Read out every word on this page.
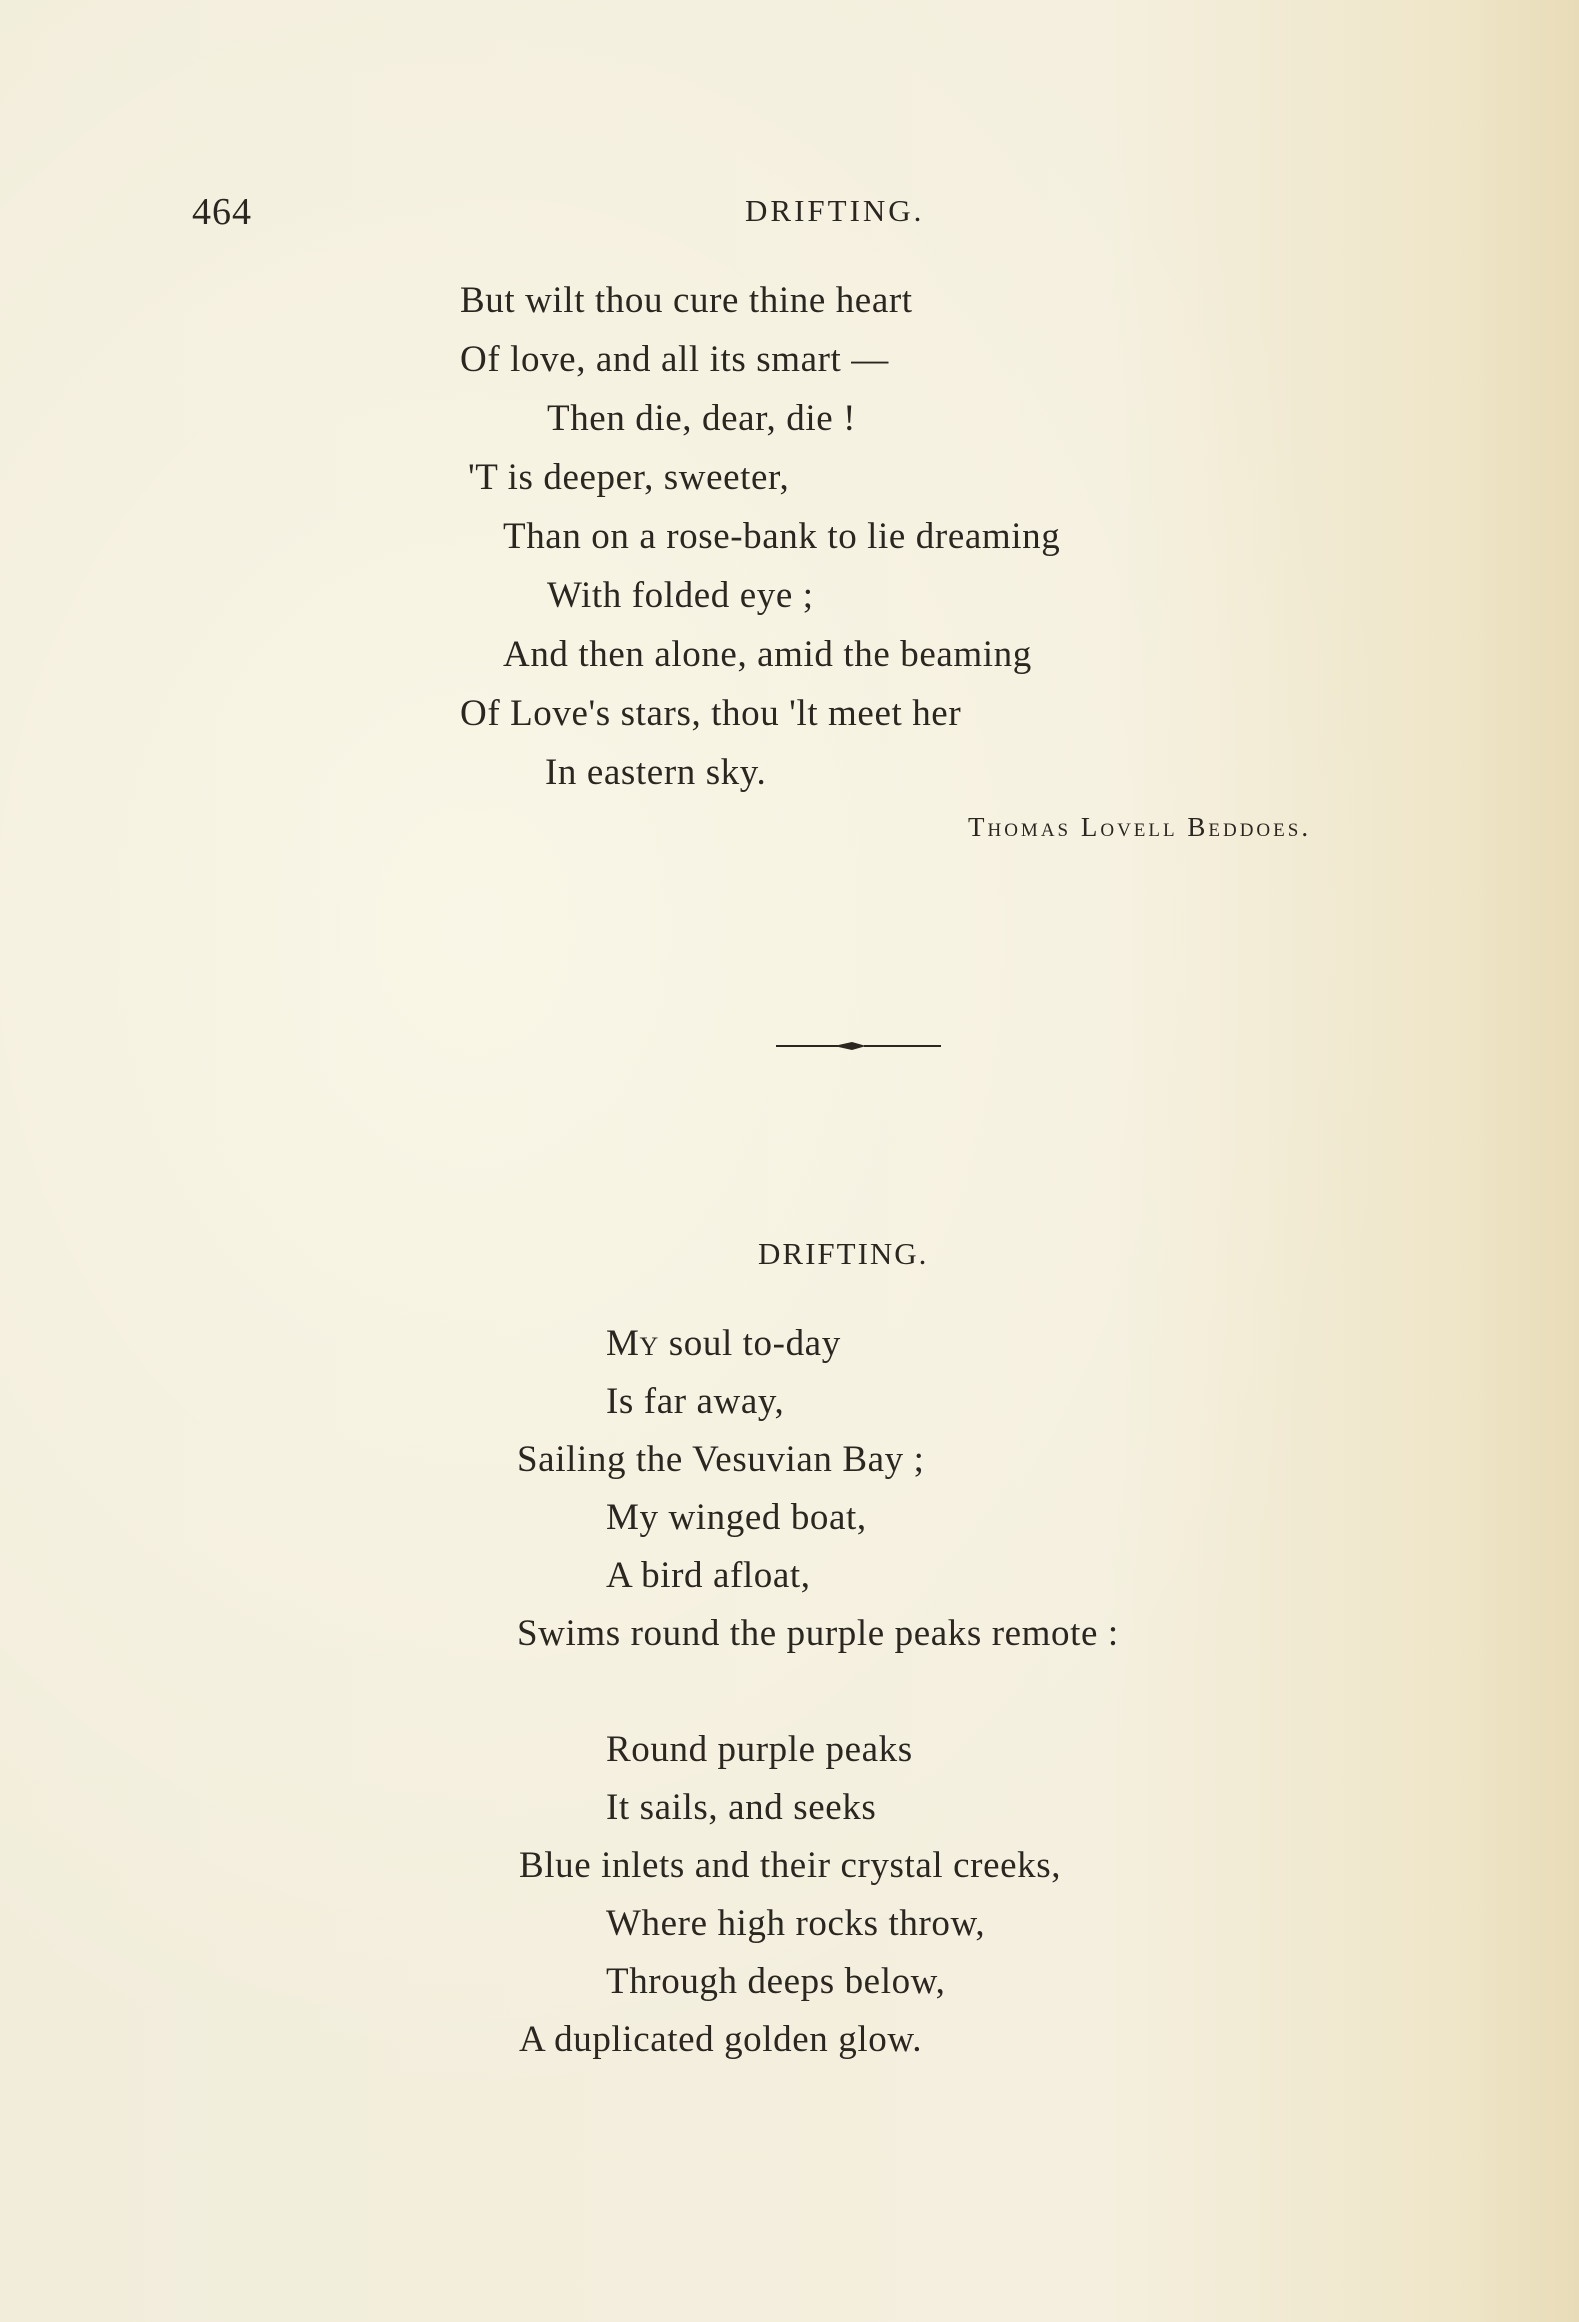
464	DRIFTING.
But wilt thou cure thine heart
Of love, and all its smart —
Then die, dear, die !
'T is deeper, sweeter,
Than on a rose-bank to lie dreaming
With folded eye ;
And then alone, amid the beaming
Of Love's stars, thou 'lt meet her
In eastern sky.
Thomas Lovell Beddoes.
DRIFTING.
My soul to-day
Is far away,
Sailing the Vesuvian Bay ;
My winged boat,
A bird afloat,
Swims round the purple peaks remote :
Round purple peaks
It sails, and seeks
Blue inlets and their crystal creeks,
Where high rocks throw,
Through deeps below,
A duplicated golden glow.
